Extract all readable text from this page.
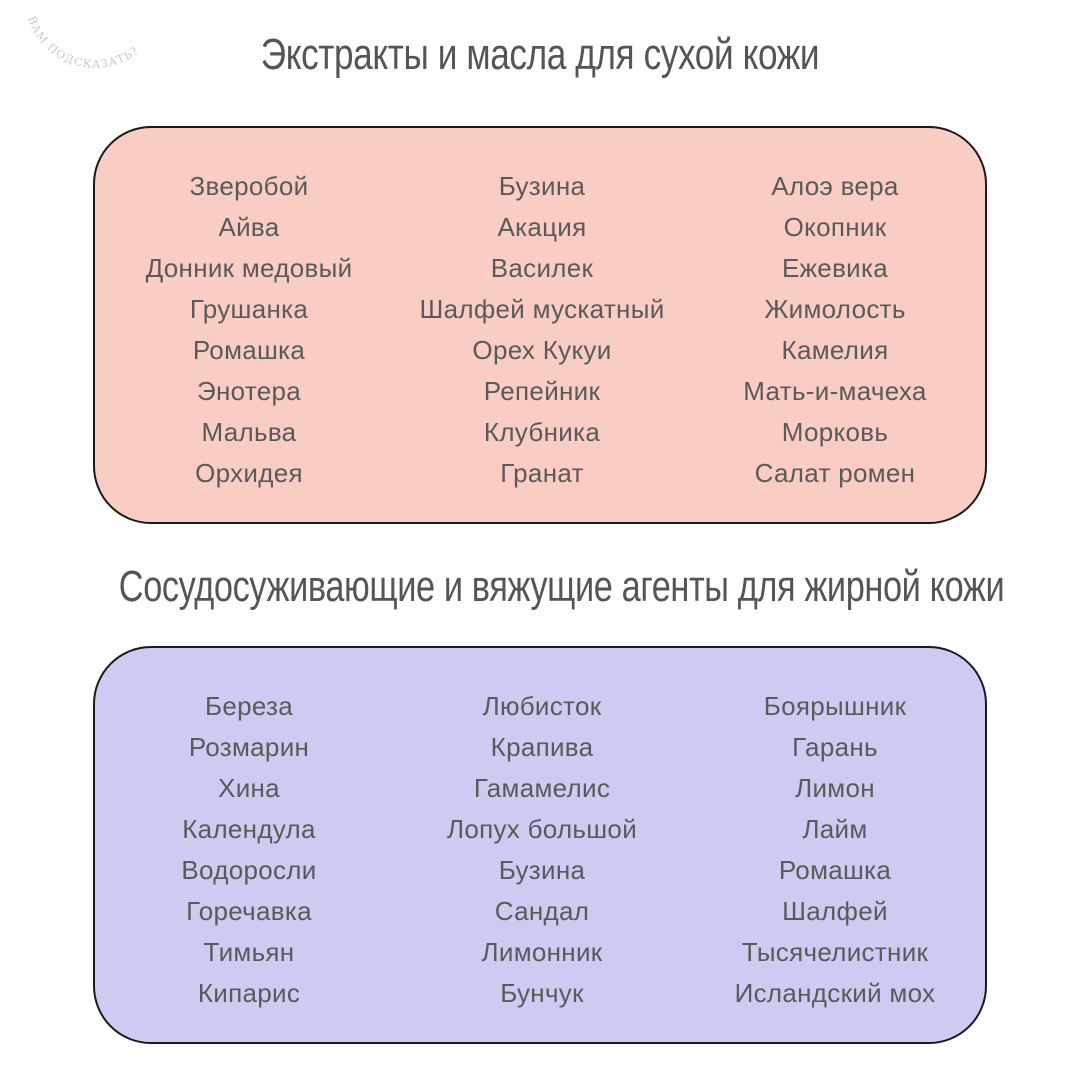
ВАМ ПОДСКАЗАТЬ?	Экстракты и масла для сухой кожи
Зверобой
Айва
Донник медовый
Грушанка
Ромашка
Энотера
Мальва
Орхидея
Бузина
Акация
Василек
Шалфей мускатный
Орех Кукуи
Репейник
Клубника
Гранат
Алоэ вера
Окопник
Ежевика
Жимолость
Камелия
Мать-и-мачеха
Морковь
Салат ромен
Сосудосуживающие и вяжущие агенты для жирной кожи
Береза
Розмарин
Хина
Календула
Водоросли
Горечавка
Тимьян
Кипарис
Любисток
Крапива
Гамамелис
Лопух большой
Бузина
Сандал
Лимонник
Бунчук
Боярышник
Гарань
Лимон
Лайм
Ромашка
Шалфей
Тысячелистник
Исландский мох
